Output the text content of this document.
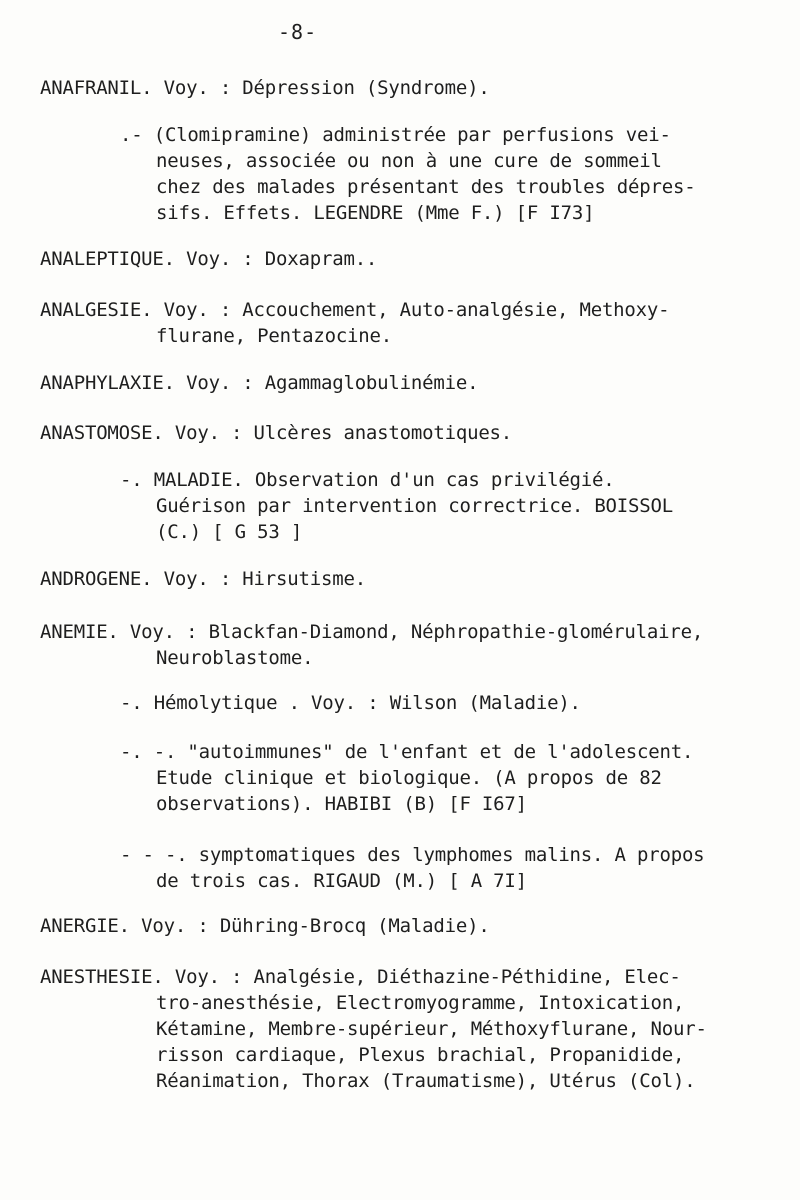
-8-
ANAFRANIL. Voy. : Dépression (Syndrome).
.- (Clomipramine) administrée par perfusions vei-
neuses, associée ou non à une cure de sommeil
chez des malades présentant des troubles dépres-
sifs. Effets. LEGENDRE (Mme F.) [F I73]
ANALEPTIQUE. Voy. : Doxapram..
ANALGESIE. Voy. : Accouchement, Auto-analgésie, Methoxy-
flurane, Pentazocine.
ANAPHYLAXIE. Voy. : Agammaglobulinémie.
ANASTOMOSE. Voy. : Ulcères anastomotiques.
-. MALADIE. Observation d'un cas privilégié.
Guérison par intervention correctrice. BOISSOL
(C.) [ G 53 ]
ANDROGENE. Voy. : Hirsutisme.
ANEMIE. Voy. : Blackfan-Diamond, Néphropathie-glomérulaire,
Neuroblastome.
-. Hémolytique . Voy. : Wilson (Maladie).
-. -. "autoimmunes" de l'enfant et de l'adolescent.
Etude clinique et biologique. (A propos de 82
observations). HABIBI (B) [F I67]
- - -. symptomatiques des lymphomes malins. A propos
de trois cas. RIGAUD (M.) [ A 7I]
ANERGIE. Voy. : Dühring-Brocq (Maladie).
ANESTHESIE. Voy. : Analgésie, Diéthazine-Péthidine, Elec-
tro-anesthésie, Electromyogramme, Intoxication,
Kétamine, Membre-supérieur, Méthoxyflurane, Nour-
risson cardiaque, Plexus brachial, Propanidide,
Réanimation, Thorax (Traumatisme), Utérus (Col).
